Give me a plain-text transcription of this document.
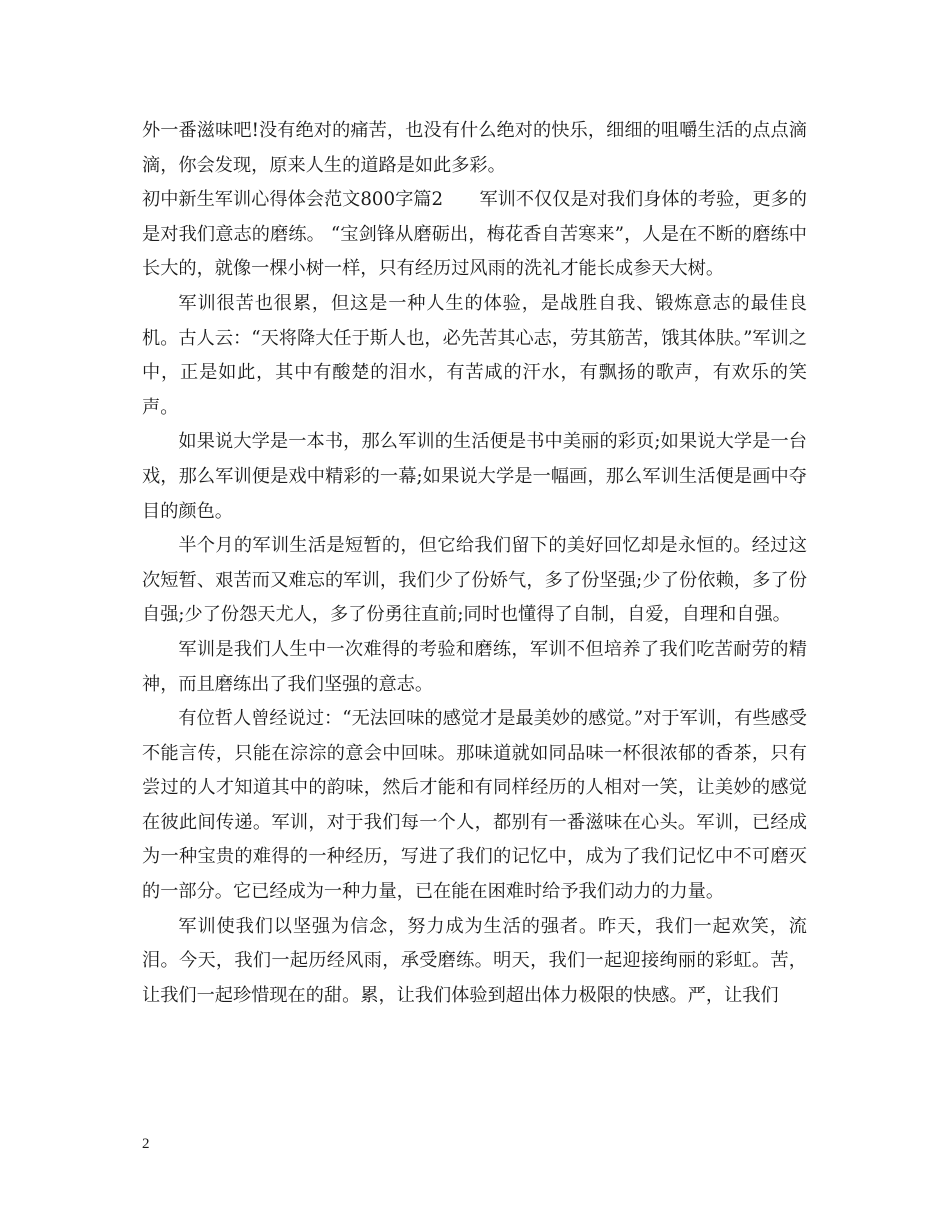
外一番滋味吧!没有绝对的痛苦，也没有什么绝对的快乐，细细的咀嚼生活的点点滴滴，你会发现，原来人生的道路是如此多彩。

初中新生军训心得体会范文800字篇2　　军训不仅仅是对我们身体的考验，更多的是对我们意志的磨练。 “宝剑锋从磨砺出，梅花香自苦寒来”，人是在不断的磨练中长大的，就像一棵小树一样，只有经历过风雨的洗礼才能长成参天大树。

军训很苦也很累，但这是一种人生的体验，是战胜自我、锻炼意志的最佳良机。古人云：“天将降大任于斯人也，必先苦其心志，劳其筋苦，饿其体肤。”军训之中，正是如此，其中有酸楚的泪水，有苦咸的汗水，有飘扬的歌声，有欢乐的笑声。

如果说大学是一本书，那么军训的生活便是书中美丽的彩页;如果说大学是一台戏，那么军训便是戏中精彩的一幕;如果说大学是一幅画，那么军训生活便是画中夺目的颜色。

半个月的军训生活是短暂的，但它给我们留下的美好回忆却是永恒的。经过这次短暂、艰苦而又难忘的军训，我们少了份娇气，多了份坚强;少了份依赖，多了份自强;少了份怨天尤人，多了份勇往直前;同时也懂得了自制，自爱，自理和自强。

军训是我们人生中一次难得的考验和磨练，军训不但培养了我们吃苦耐劳的精神，而且磨练出了我们坚强的意志。

有位哲人曾经说过：“无法回味的感觉才是最美妙的感觉。”对于军训，有些感受不能言传，只能在淙淙的意会中回味。那味道就如同品味一杯很浓郁的香茶，只有尝过的人才知道其中的韵味，然后才能和有同样经历的人相对一笑，让美妙的感觉在彼此间传递。军训，对于我们每一个人，都别有一番滋味在心头。军训，已经成为一种宝贵的难得的一种经历，写进了我们的记忆中，成为了我们记忆中不可磨灭的一部分。它已经成为一种力量，已在能在困难时给予我们动力的力量。

军训使我们以坚强为信念，努力成为生活的强者。昨天，我们一起欢笑，流泪。今天，我们一起历经风雨，承受磨练。明天，我们一起迎接绚丽的彩虹。苦，让我们一起珍惜现在的甜。累，让我们体验到超出体力极限的快感。严，让我们

2
